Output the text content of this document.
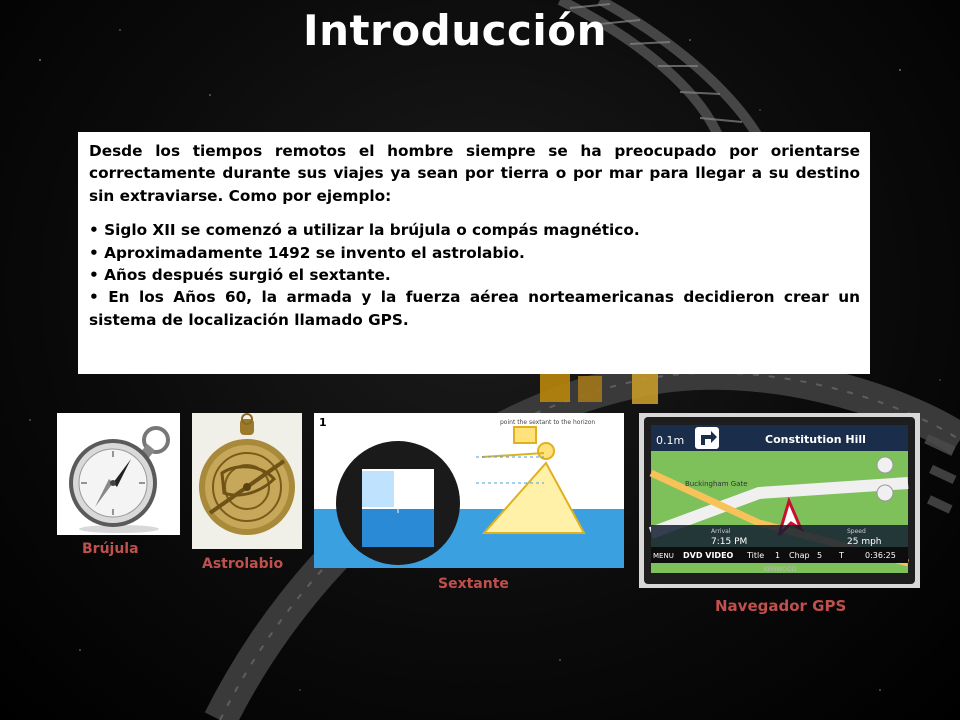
Introducción

Desde los tiempos remotos el hombre siempre se ha preocupado por orientarse correctamente durante sus viajes ya sean por tierra o por mar para llegar a su destino sin extraviarse. Como por ejemplo:

• Siglo XII se comenzó a utilizar la brújula o compás magnético.

• Aproximadamente 1492 se invento el astrolabio.

• Años después surgió el sextante.

• En los Años 60, la armada y la fuerza aérea norteamericanas decidieron crear un sistema de localización llamado GPS.

Brújula
Astrolabio
1	point the sextant to the horizon
Sextante
0.1m	Constitution Hill
Buckingham Gate
Arrival
7:15 PM
Speed
25 mph
MENU DVD VIDEO Title 1 Chap 5 T	0:36:25
KENWOOD
Navegador GPS
